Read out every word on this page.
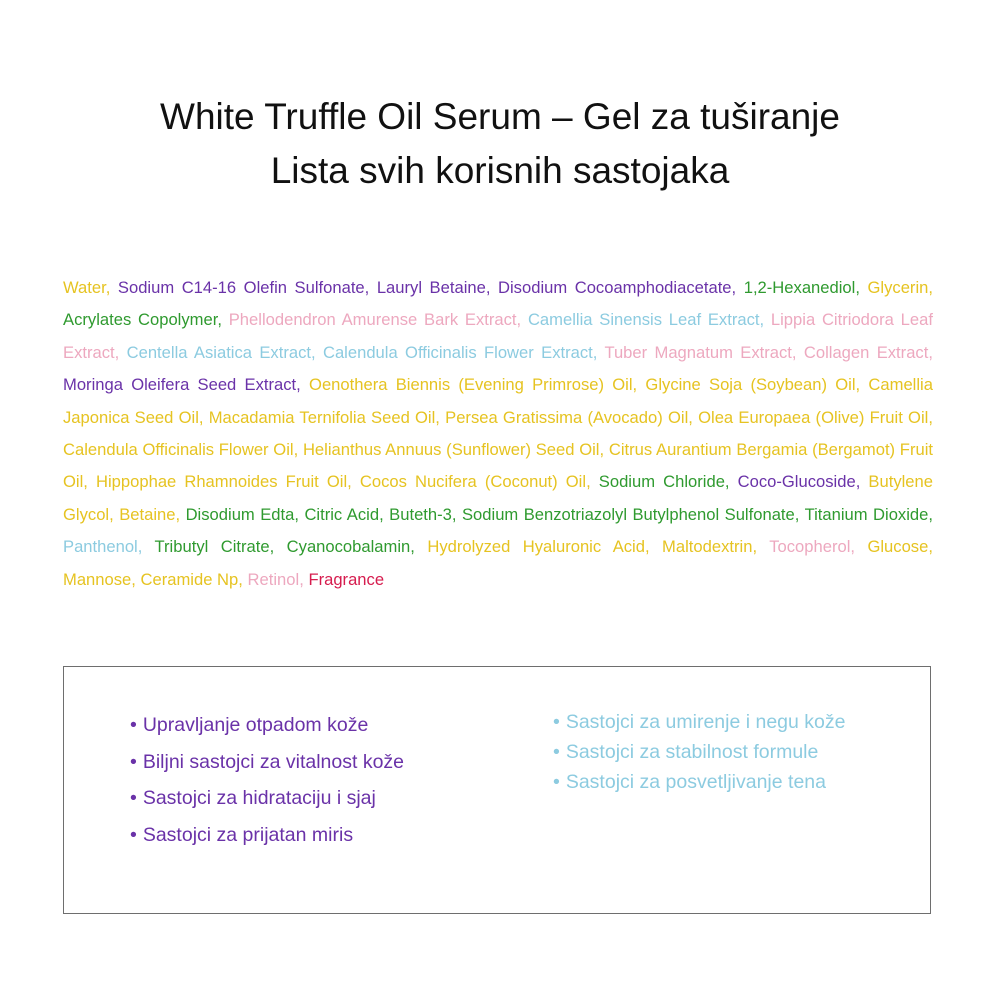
White Truffle Oil Serum – Gel za tuširanje
Lista svih korisnih sastojaka
Water, Sodium C14-16 Olefin Sulfonate, Lauryl Betaine, Disodium Cocoamphodiacetate, 1,2-Hexanediol, Glycerin, Acrylates Copolymer, Phellodendron Amurense Bark Extract, Camellia Sinensis Leaf Extract, Lippia Citriodora Leaf Extract, Centella Asiatica Extract, Calendula Officinalis Flower Extract, Tuber Magnatum Extract, Collagen Extract, Moringa Oleifera Seed Extract, Oenothera Biennis (Evening Primrose) Oil, Glycine Soja (Soybean) Oil, Camellia Japonica Seed Oil, Macadamia Ternifolia Seed Oil, Persea Gratissima (Avocado) Oil, Olea Europaea (Olive) Fruit Oil, Calendula Officinalis Flower Oil, Helianthus Annuus (Sunflower) Seed Oil, Citrus Aurantium Bergamia (Bergamot) Fruit Oil, Hippophae Rhamnoides Fruit Oil, Cocos Nucifera (Coconut) Oil, Sodium Chloride, Coco-Glucoside, Butylene Glycol, Betaine, Disodium Edta, Citric Acid, Buteth-3, Sodium Benzotriazolyl Butylphenol Sulfonate, Titanium Dioxide, Panthenol, Tributyl Citrate, Cyanocobalamin, Hydrolyzed Hyaluronic Acid, Maltodextrin, Tocopherol, Glucose, Mannose, Ceramide Np, Retinol, Fragrance
• Upravljanje otpadom kože
• Biljni sastojci za vitalnost kože
• Sastojci za hidrataciju i sjaj
• Sastojci za prijatan miris
• Sastojci za umirenje i negu kože
• Sastojci za stabilnost formule
• Sastojci za posvetljivanje tena
